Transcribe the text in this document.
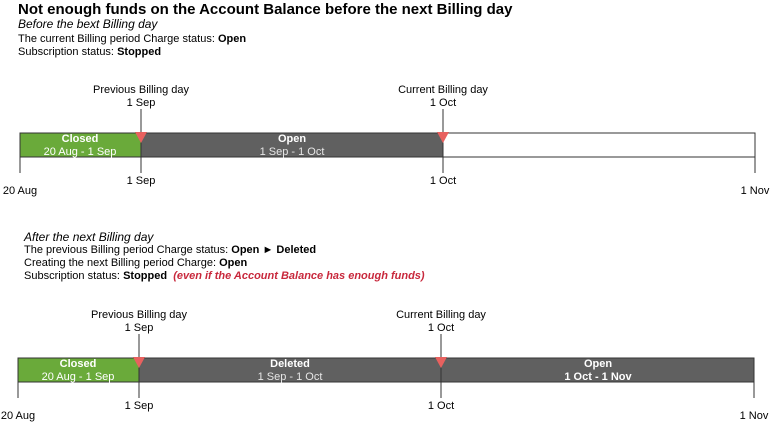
Not enough funds on the Account Balance before the next Billing day
Before the bext Billing day
The current Billing period Charge status: Open
Subscription status: Stopped
After the next Billing day
The previous Billing period Charge status: Open ► Deleted
Creating the next Billing period Charge: Open
Subscription status: Stopped (even if the Account Balance has enough funds)
Closed
20 Aug - 1 Sep
Open
1 Sep - 1 Oct
Previous Billing day
1 Sep
Current Billing day
1 Oct
20 Aug
1 Sep	1 Oct
1 Nov
Closed
20 Aug - 1 Sep
Deleted
1 Sep - 1 Oct
Open
1 Oct - 1 Nov
Previous Billing day
1 Sep
Current Billing day
1 Oct
20 Aug
1 Sep	1 Oct
1 Nov
